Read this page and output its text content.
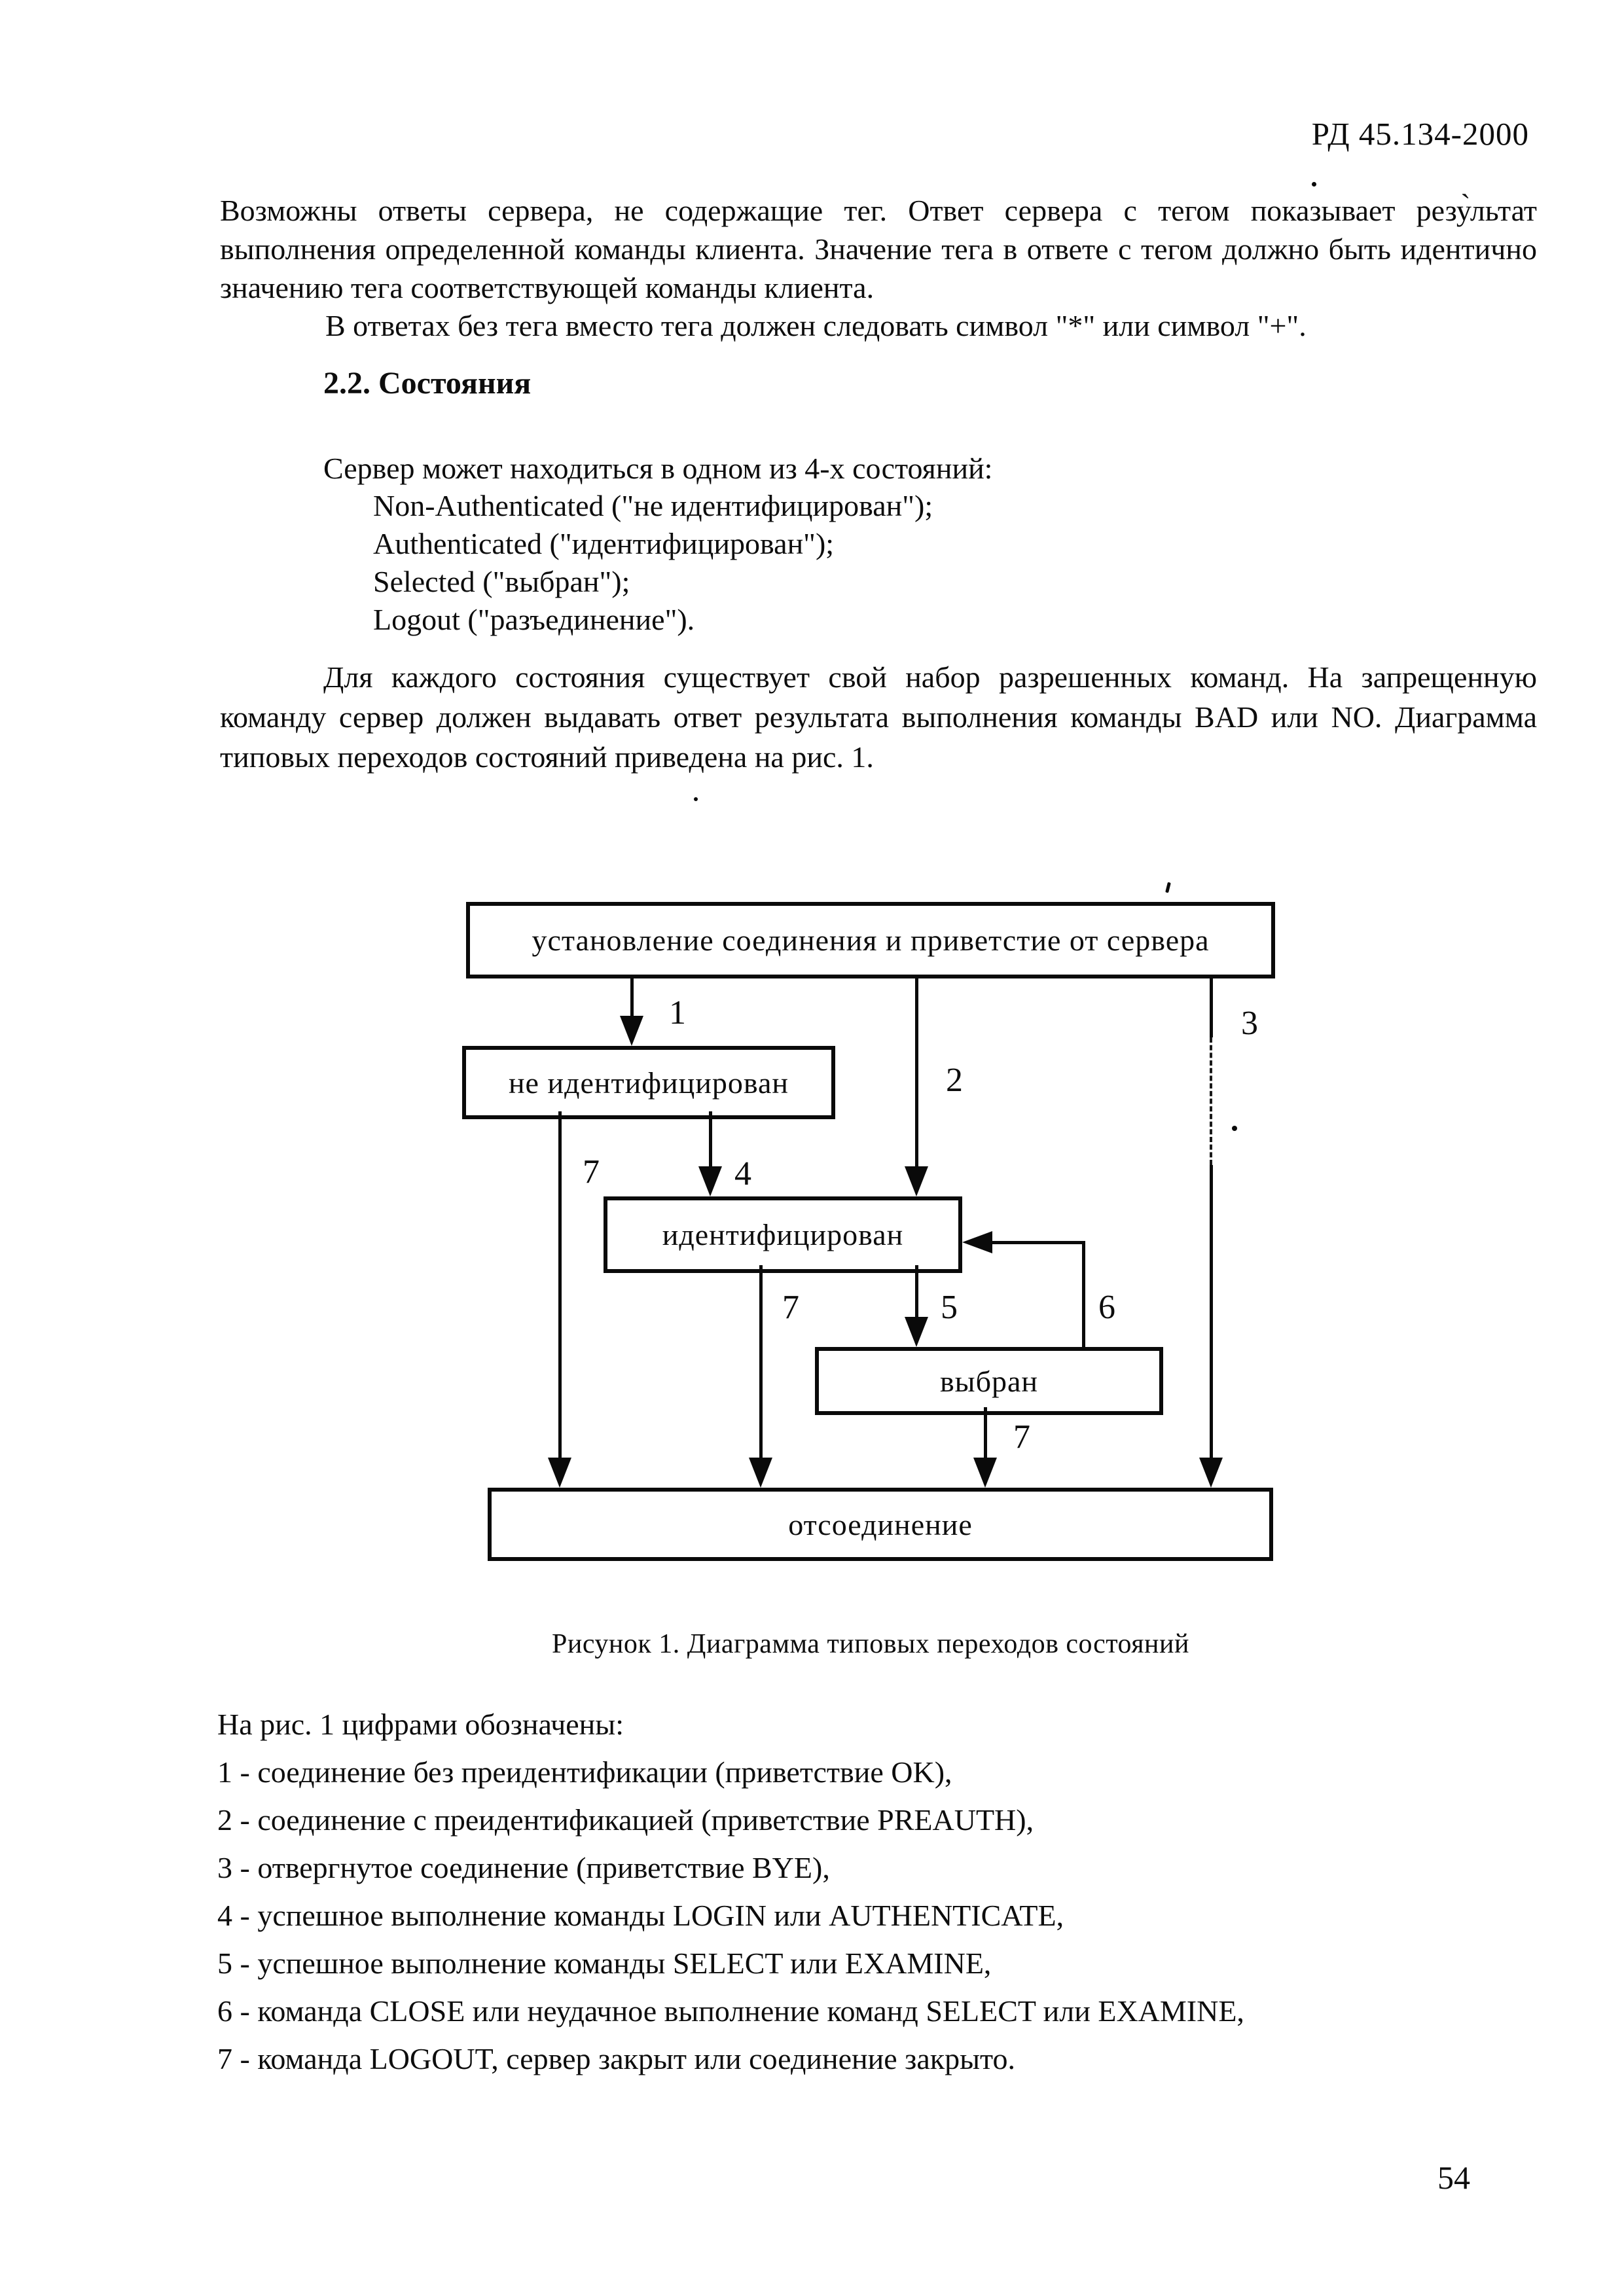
РД 45.134-2000

Возможны ответы сервера, не содержащие тег. Ответ сервера с тегом показывает резу̀льтат выполнения определенной команды клиента. Значение тега в ответе с тегом должно быть идентично значению тега соответствующей команды клиента.

В ответах без тега вместо тега должен следовать символ "*" или символ "+".

2.2. Состояния

Сервер может находиться в одном из 4-х состояний:

Non-Authenticated ("не идентифицирован");
Authenticated ("идентифицирован");
Selected ("выбран");
Logout ("разъединение").

Для каждого состояния существует свой набор разрешенных команд. На запрещенную команду сервер должен выдавать ответ результата выполнения команды BAD или NO. Диаграмма типовых переходов состояний приведена на рис. 1.

установление соединения и приветстие от сервера
не идентифицирован
идентифицирован
выбран
отсоединение
1
2
3
7	4
7	5	6
7
Рисунок 1. Диаграмма типовых переходов состояний
На рис. 1 цифрами обозначены:
1 - соединение без преидентификации (приветствие OK),
2 - соединение с преидентификацией (приветствие PREAUTH),
3 - отвергнутое соединение (приветствие BYE),
4 - успешное выполнение команды LOGIN или AUTHENTICATE,
5 - успешное выполнение команды SELECT или EXAMINE,
6 - команда CLOSE или неудачное выполнение команд SELECT или EXAMINE,
7 - команда LOGOUT, сервер закрыт или соединение закрыто.
54
